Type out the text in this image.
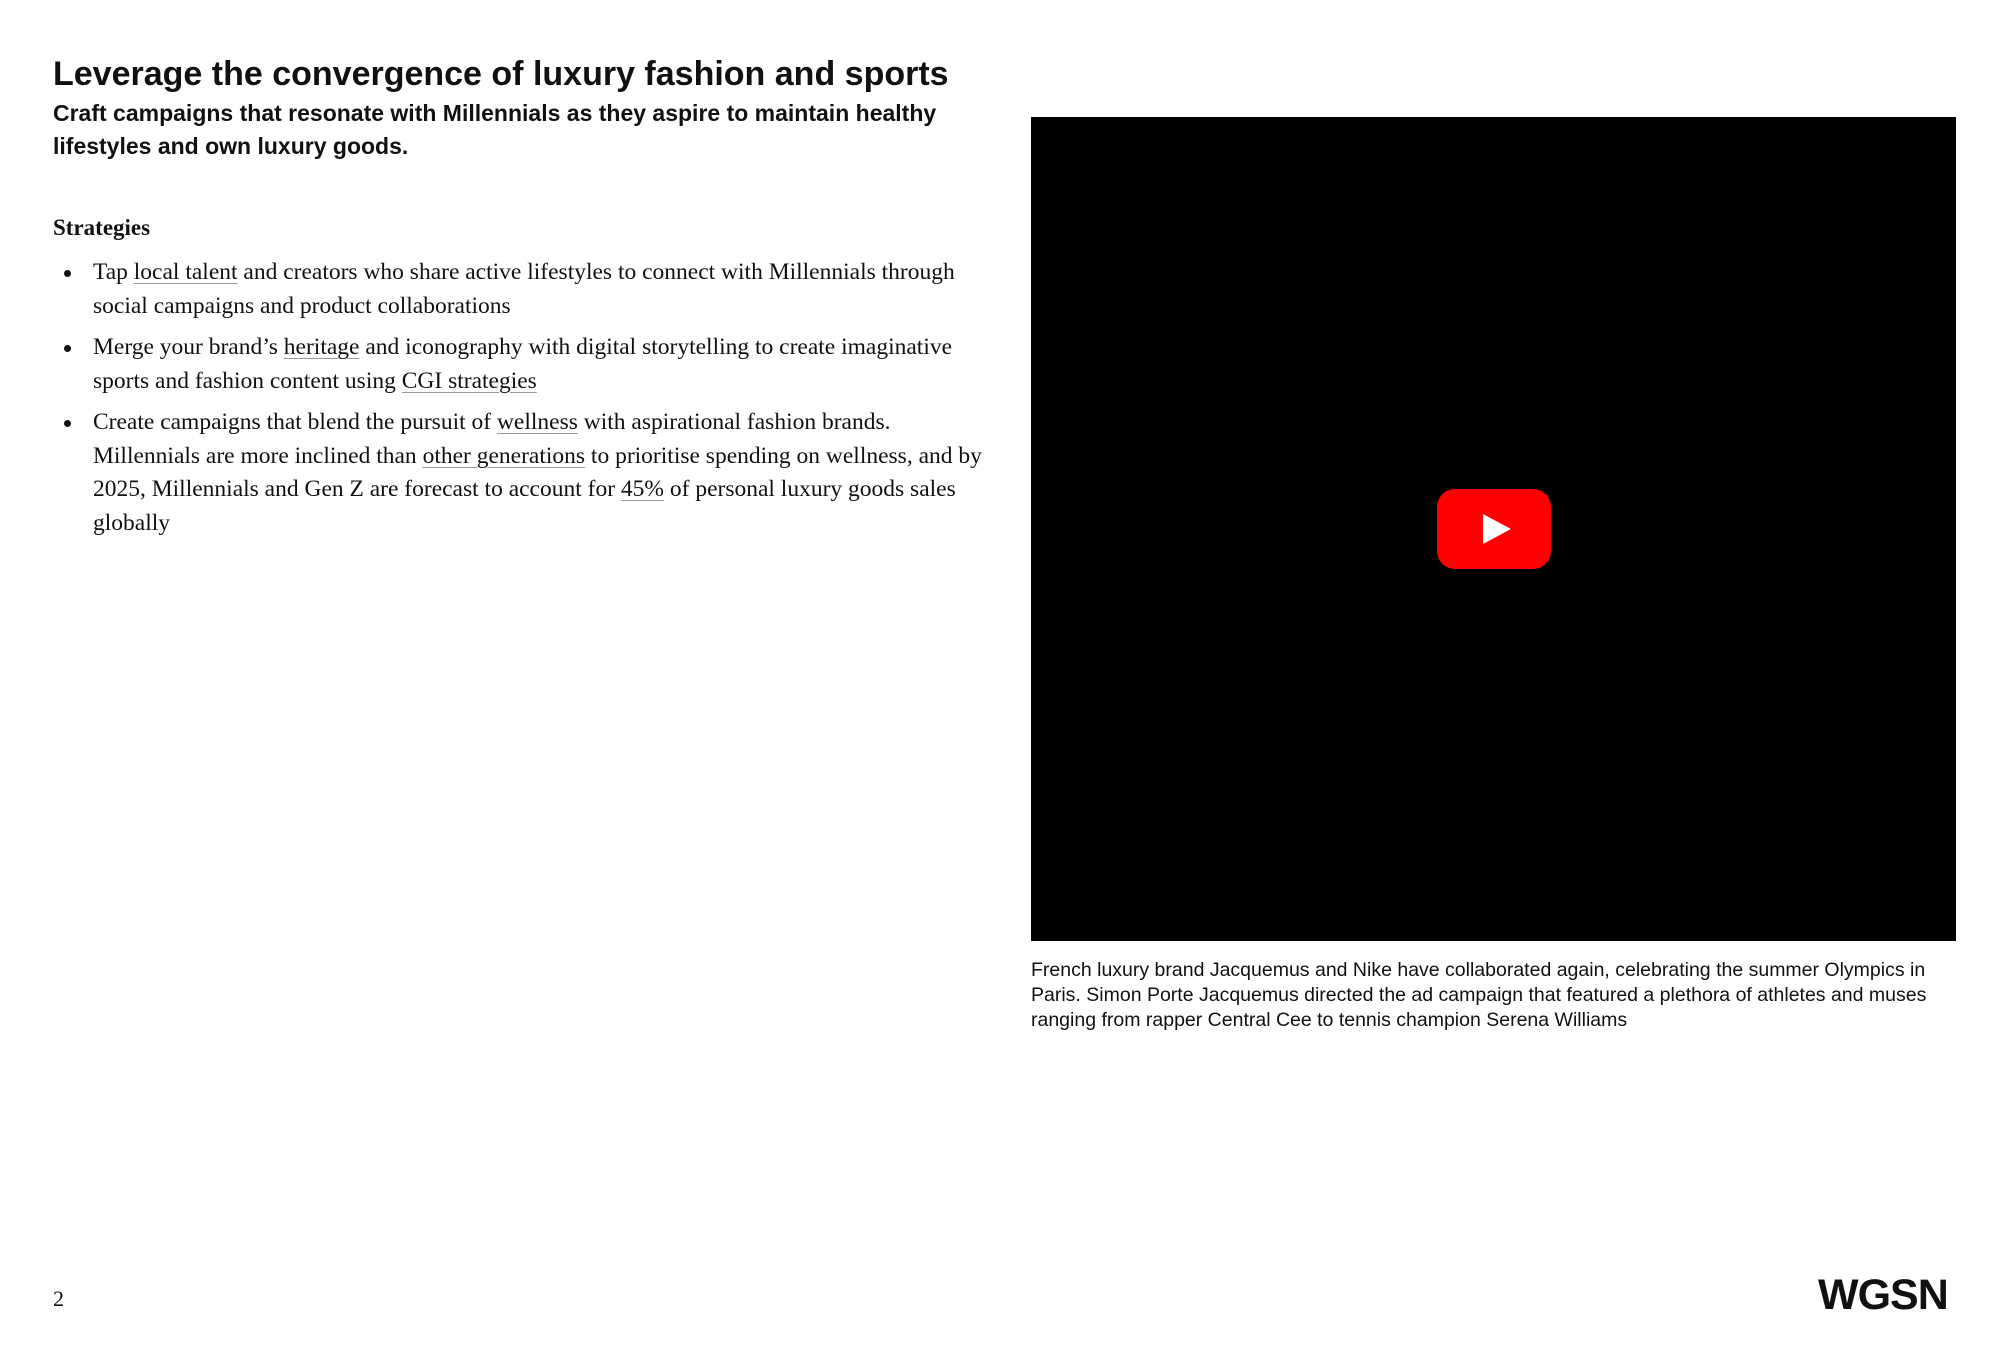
Leverage the convergence of luxury fashion and sports
Craft campaigns that resonate with Millennials as they aspire to maintain healthy lifestyles and own luxury goods.
Strategies
Tap local talent and creators who share active lifestyles to connect with Millennials through social campaigns and product collaborations
Merge your brand’s heritage and iconography with digital storytelling to create imaginative sports and fashion content using CGI strategies
Create campaigns that blend the pursuit of wellness with aspirational fashion brands. Millennials are more inclined than other generations to prioritise spending on wellness, and by 2025, Millennials and Gen Z are forecast to account for 45% of personal luxury goods sales globally

French luxury brand Jacquemus and Nike have collaborated again, celebrating the summer Olympics in Paris. Simon Porte Jacquemus directed the ad campaign that featured a plethora of athletes and muses ranging from rapper Central Cee to tennis champion Serena Williams

2	WGSN
